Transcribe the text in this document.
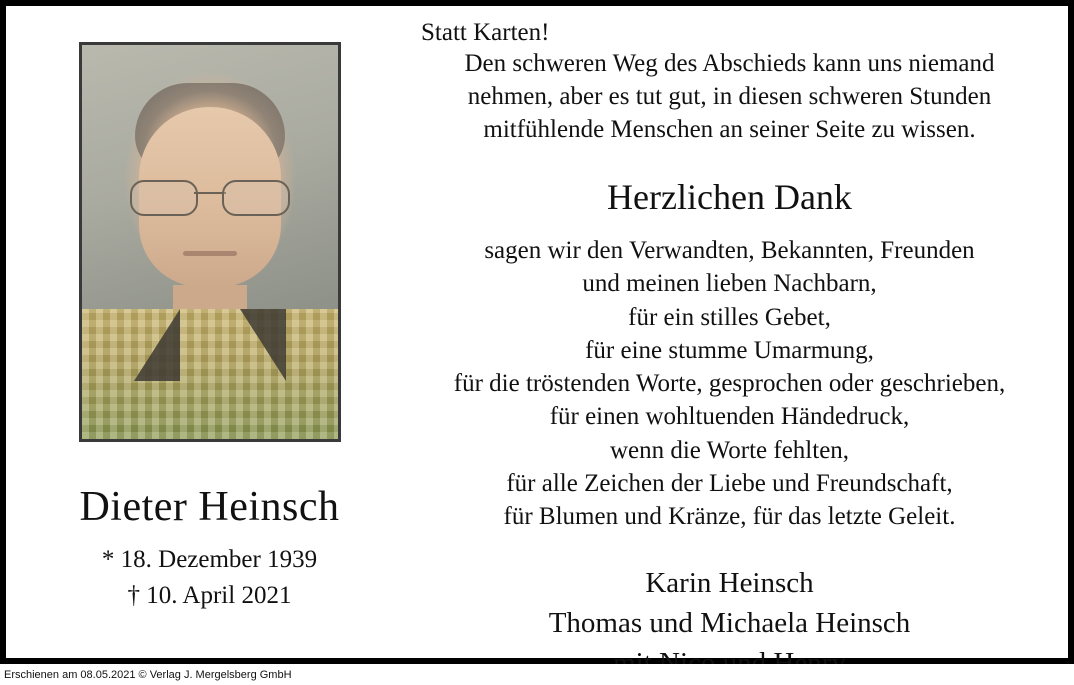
Dieter Heinsch
* 18. Dezember 1939
† 10. April 2021
Statt Karten!
Den schweren Weg des Abschieds kann uns niemand
nehmen, aber es tut gut, in diesen schweren Stunden
mitfühlende Menschen an seiner Seite zu wissen.
Herzlichen Dank
sagen wir den Verwandten, Bekannten, Freunden
und meinen lieben Nachbarn,
für ein stilles Gebet,
für eine stumme Umarmung,
für die tröstenden Worte, gesprochen oder geschrieben,
für einen wohltuenden Händedruck,
wenn die Worte fehlten,
für alle Zeichen der Liebe und Freundschaft,
für Blumen und Kränze, für das letzte Geleit.
Karin Heinsch
Thomas und Michaela Heinsch
Erschienen am 08.05.2021 © Verlag J. Mergelsberg GmbH
